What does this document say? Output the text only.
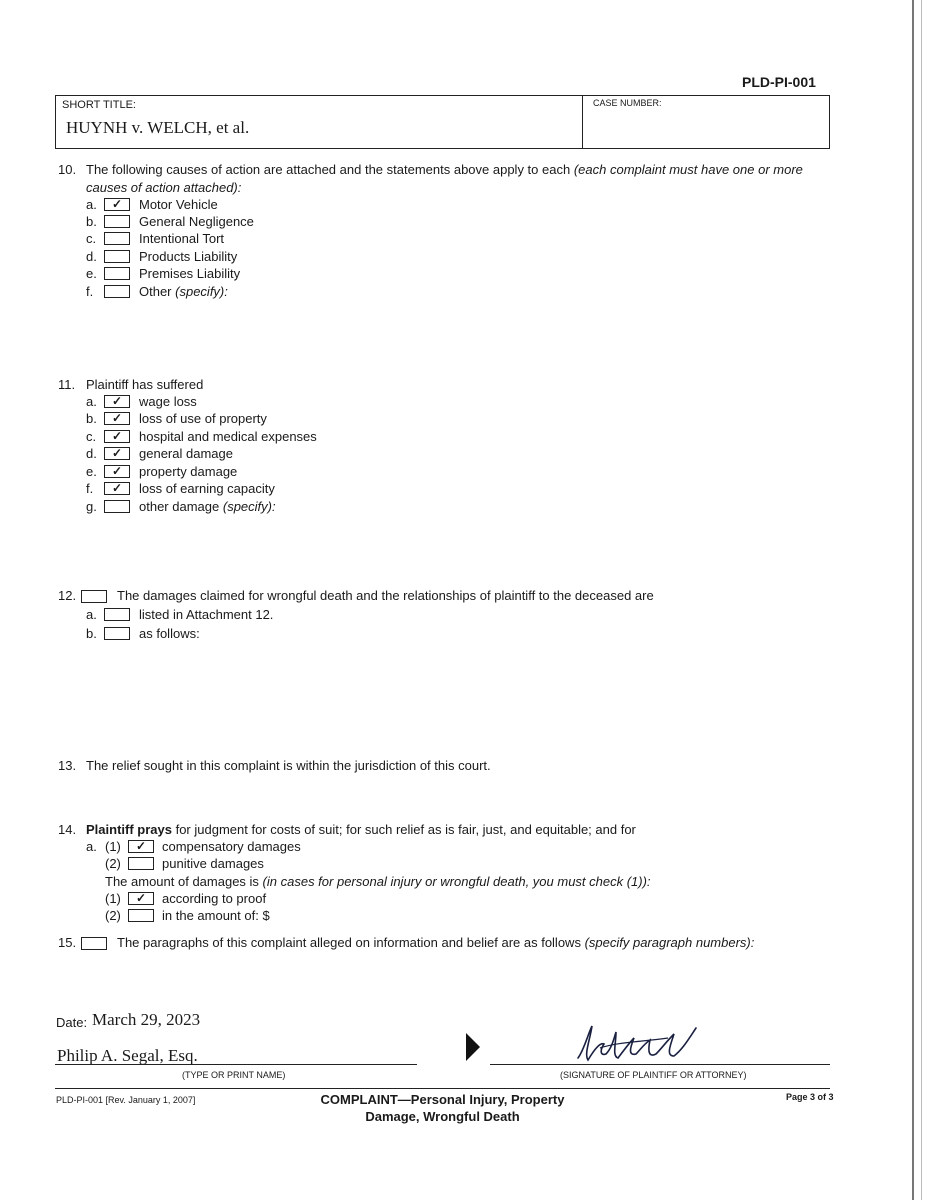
PLD-PI-001
SHORT TITLE:
HUYNH v. WELCH, et al.
CASE NUMBER:
10. The following causes of action are attached and the statements above apply to each (each complaint must have one or more
causes of action attached):
a.	✓	Motor Vehicle
b.	General Negligence
c.	Intentional Tort
d.	Products Liability
e.	Premises Liability
f.	Other (specify):
11. Plaintiff has suffered
a.	✓	wage loss
b.	✓	loss of use of property
c.	✓	hospital and medical expenses
d.	✓	general damage
e.	✓	property damage
f.	✓	loss of earning capacity
g.	other damage (specify):
12.	The damages claimed for wrongful death and the relationships of plaintiff to the deceased are
a.	listed in Attachment 12.
b.	as follows:
13. The relief sought in this complaint is within the jurisdiction of this court.
14. Plaintiff prays for judgment for costs of suit; for such relief as is fair, just, and equitable; and for
a. (1)	✓	compensatory damages
(2)	punitive damages
The amount of damages is (in cases for personal injury or wrongful death, you must check (1)):
(1)	✓	according to proof
(2)	in the amount of: $
15.	The paragraphs of this complaint alleged on information and belief are as follows (specify paragraph numbers):
Date: March 29, 2023
Philip A. Segal, Esq.
(TYPE OR PRINT NAME)	(SIGNATURE OF PLAINTIFF OR ATTORNEY)
PLD-PI-001 [Rev. January 1, 2007]	COMPLAINT—Personal Injury, Property
Damage, Wrongful Death
Page 3 of 3
